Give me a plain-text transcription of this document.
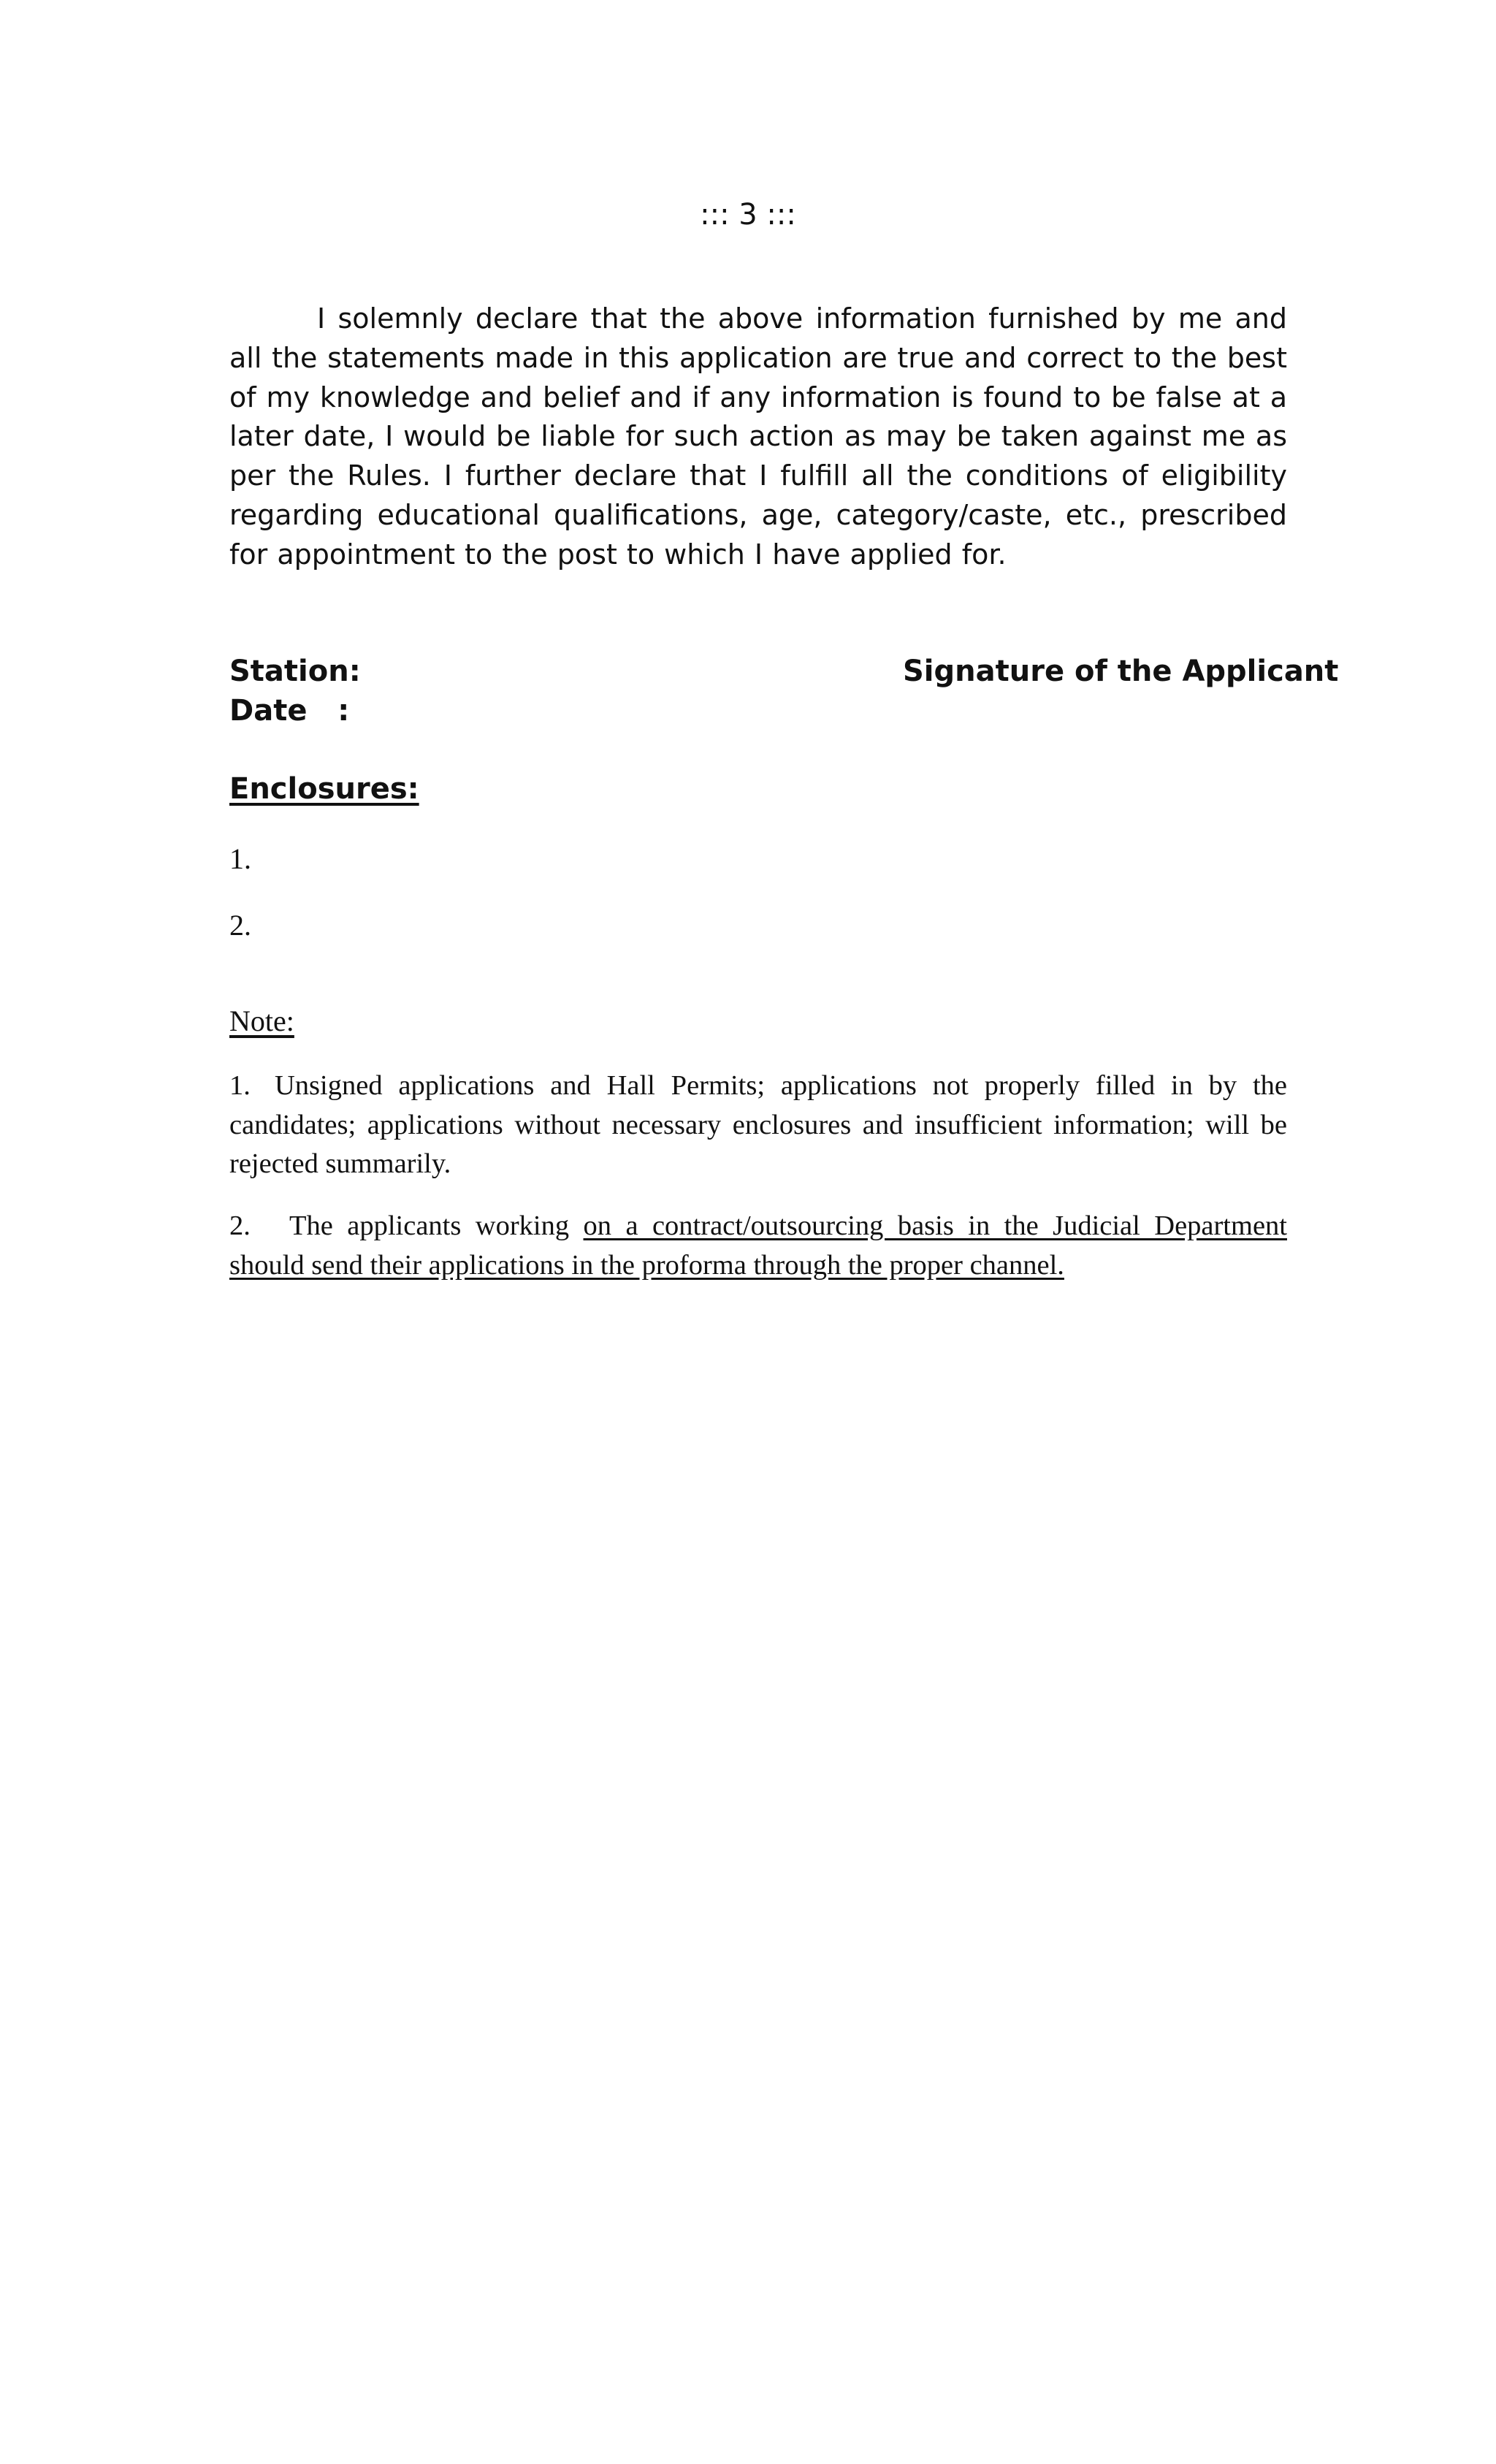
::: 3 :::

I solemnly declare that the above information furnished by me and all the statements made in this application are true and correct to the best of my knowledge and belief and if any information is found to be false at a later date, I would be liable for such action as may be taken against me as per the Rules. I further declare that I fulfill all the conditions of eligibility regarding educational qualifications, age, category/caste, etc., prescribed for appointment to the post to which I have applied for.

Station:
Date   :
Signature of the Applicant
Enclosures:
1.
2.
Note:

1. Unsigned applications and Hall Permits; applications not properly filled in by the candidates; applications without necessary enclosures and insufficient information; will be rejected summarily.

2. The applicants working on a contract/outsourcing basis in the Judicial Department should send their applications in the proforma through the proper channel.
